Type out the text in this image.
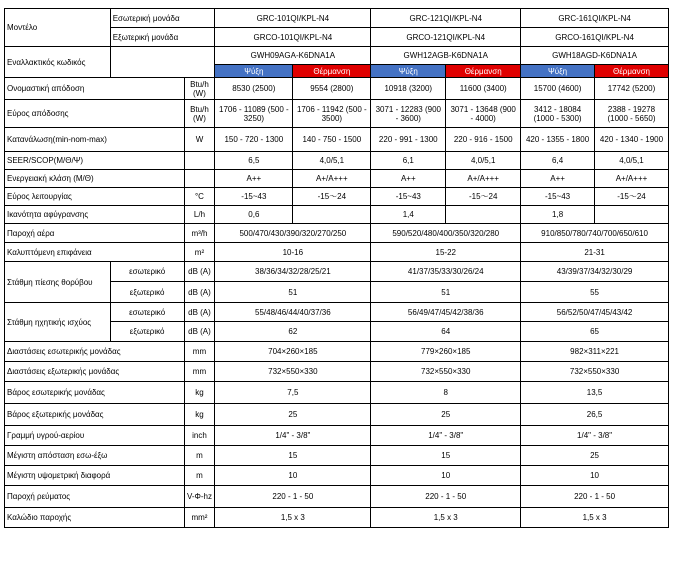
Μοντέλο	Εσωτερική μονάδα		GRC-101QI/KPL-N4		GRC-121QI/KPL-N4		GRC-161QI/KPL-N4	
	Εξωτερική μονάδα		GRCO-101QI/KPL-N4		GRCO-121QI/KPL-N4		GRCO-161QI/KPL-N4	
Εναλλακτικός κωδικός			GWH09AGA-K6DNA1A		GWH12AGB-K6DNA1A		GWH18AGD-K6DNA1A	
			Ψύξη	Θέρμανση	Ψύξη	Θέρμανση	Ψύξη	Θέρμανση
Ονομαστική απόδοση		Btu/h (W)	8530 (2500)	9554 (2800)	10918 (3200)	11600 (3400)	15700 (4600)	17742 (5200)
Εύρος απόδοσης		Btu/h (W)	1706 - 11089 (500 - 3250)	1706 - 11942 (500 - 3500)	3071 - 12283 (900 - 3600)	3071 - 13648 (900 - 4000)	3412 - 18084 (1000 - 5300)	2388 - 19278 (1000 - 5650)
Κατανάλωση(min-nom-max)		W	150 - 720 - 1300	140 - 750 - 1500	220 - 991 - 1300	220 - 916 - 1500	420 - 1355 - 1800	420 - 1340 - 1900
SEER/SCOP(Μ/Θ/Ψ)			6,5	4,0/5,1	6,1	4,0/5,1	6,4	4,0/5,1
Ενεργειακή κλάση (Μ/Θ)			A++	A+/A+++	A++	A+/A+++	A++	A+/A+++
Εύρος λειτουργίας		°C	-15~43	-15～24	-15~43	-15～24	-15~43	-15～24
Ικανότητα αφύγρανσης		L/h	0,6		1,4		1,8	
Παροχή αέρα		m³/h	500/470/430/390/320/270/250		590/520/480/400/350/320/280		910/850/780/740/700/650/610	
Καλυπτόμενη επιφάνεια		m²	10-16		15-22		21-31	
Στάθμη πίεσης θορύβου	εσωτερικό	dB (A)	38/36/34/32/28/25/21		41/37/35/33/30/26/24		43/39/37/34/32/30/29	
	εξωτερικό	dB (A)	51		51		55	
Στάθμη ηχητικής ισχύος	εσωτερικό	dB (A)	55/48/46/44/40/37/36		56/49/47/45/42/38/36		56/52/50/47/45/43/42	
	εξωτερικό	dB (A)	62		64		65	
Διαστάσεις εσωτερικής μονάδας		mm	704×260×185		779×260×185		982×311×221	
Διαστάσεις εξωτερικής μονάδας		mm	732×550×330		732×550×330		732×550×330	
Βάρος εσωτερικής μονάδας		kg	7,5		8		13,5	
Βάρος εξωτερικής μονάδας		kg	25		25		26,5	
Γραμμή υγρού-αερίου		inch	1/4" - 3/8"		1/4" - 3/8"		1/4" - 3/8"	
Μέγιστη απόσταση εσω-έξω		m	15		15		25	
Μέγιστη υψομετρική διαφορά		m	10		10		10	
Παροχή ρεύματος		V-Φ-hz	220 - 1 - 50		220 - 1 - 50		220 - 1 - 50	
Καλώδιο παροχής		mm²	1,5 x 3		1,5 x 3		1,5 x 3	
